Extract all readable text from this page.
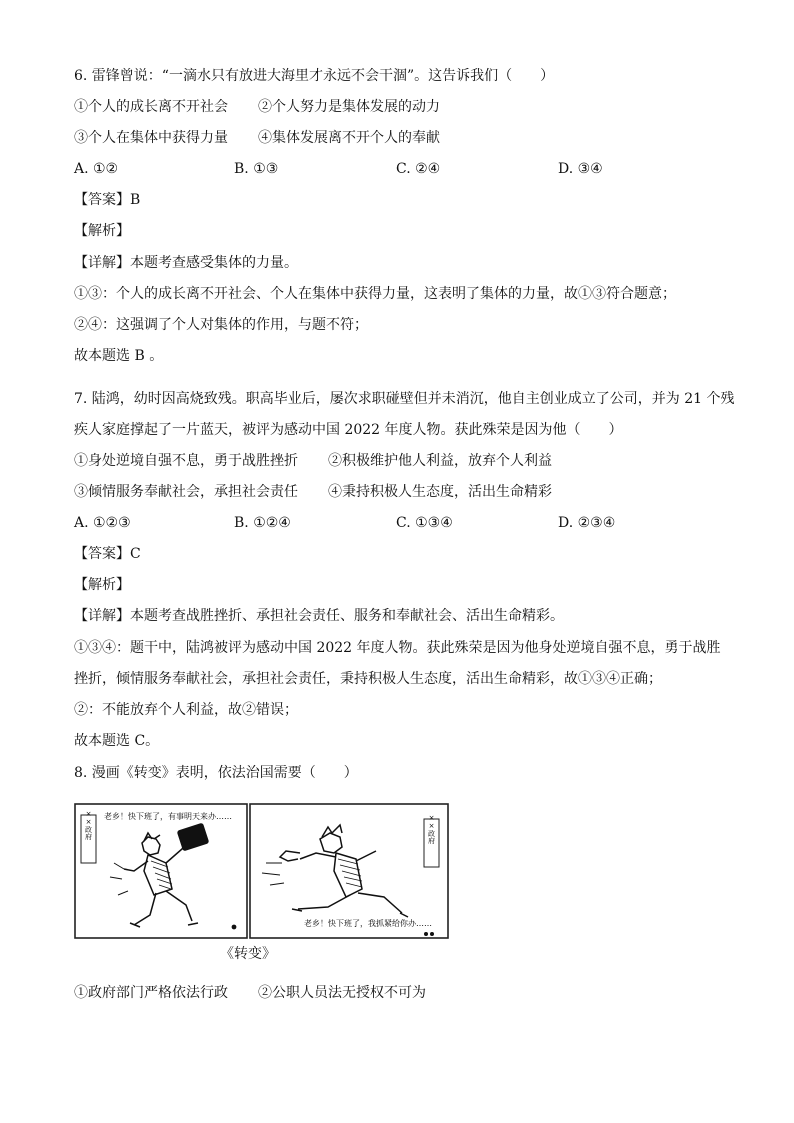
6. 雷锋曾说：“一滴水只有放进大海里才永远不会干涸”。这告诉我们（　　）
①个人的成长离不开社会 ②个人努力是集体发展的动力
③个人在集体中获得力量 ④集体发展离不开个人的奉献
A. ①②	B. ①③	C. ②④	D. ③④
【答案】B
【解析】
【详解】本题考查感受集体的力量。
①③：个人的成长离不开社会、个人在集体中获得力量，这表明了集体的力量，故①③符合题意；
②④：这强调了个人对集体的作用，与题不符；
故本题选 B 。
7. 陆鸿，幼时因高烧致残。职高毕业后，屡次求职碰壁但并未消沉，他自主创业成立了公司，并为 21 个残
疾人家庭撑起了一片蓝天，被评为感动中国 2022 年度人物。获此殊荣是因为他（　　）
①身处逆境自强不息，勇于战胜挫折 ②积极维护他人利益，放弃个人利益
③倾情服务奉献社会，承担社会责任 ④秉持积极人生态度，活出生命精彩
A. ①②③	B. ①②④	C. ①③④	D. ②③④
【答案】C
【解析】
【详解】本题考查战胜挫折、承担社会责任、服务和奉献社会、活出生命精彩。
①③④：题干中，陆鸿被评为感动中国 2022 年度人物。获此殊荣是因为他身处逆境自强不息，勇于战胜
挫折，倾情服务奉献社会，承担社会责任，秉持积极人生态度，活出生命精彩，故①③④正确；
②：不能放弃个人利益，故②错误；
故本题选 C。
8. 漫画《转变》表明，依法治国需要（　　）
××政府 老乡！快下班了，有事明天来办……	××政府
老乡！快下班了，我抓紧给你办……
《转变》
①政府部门严格依法行政 ②公职人员法无授权不可为
